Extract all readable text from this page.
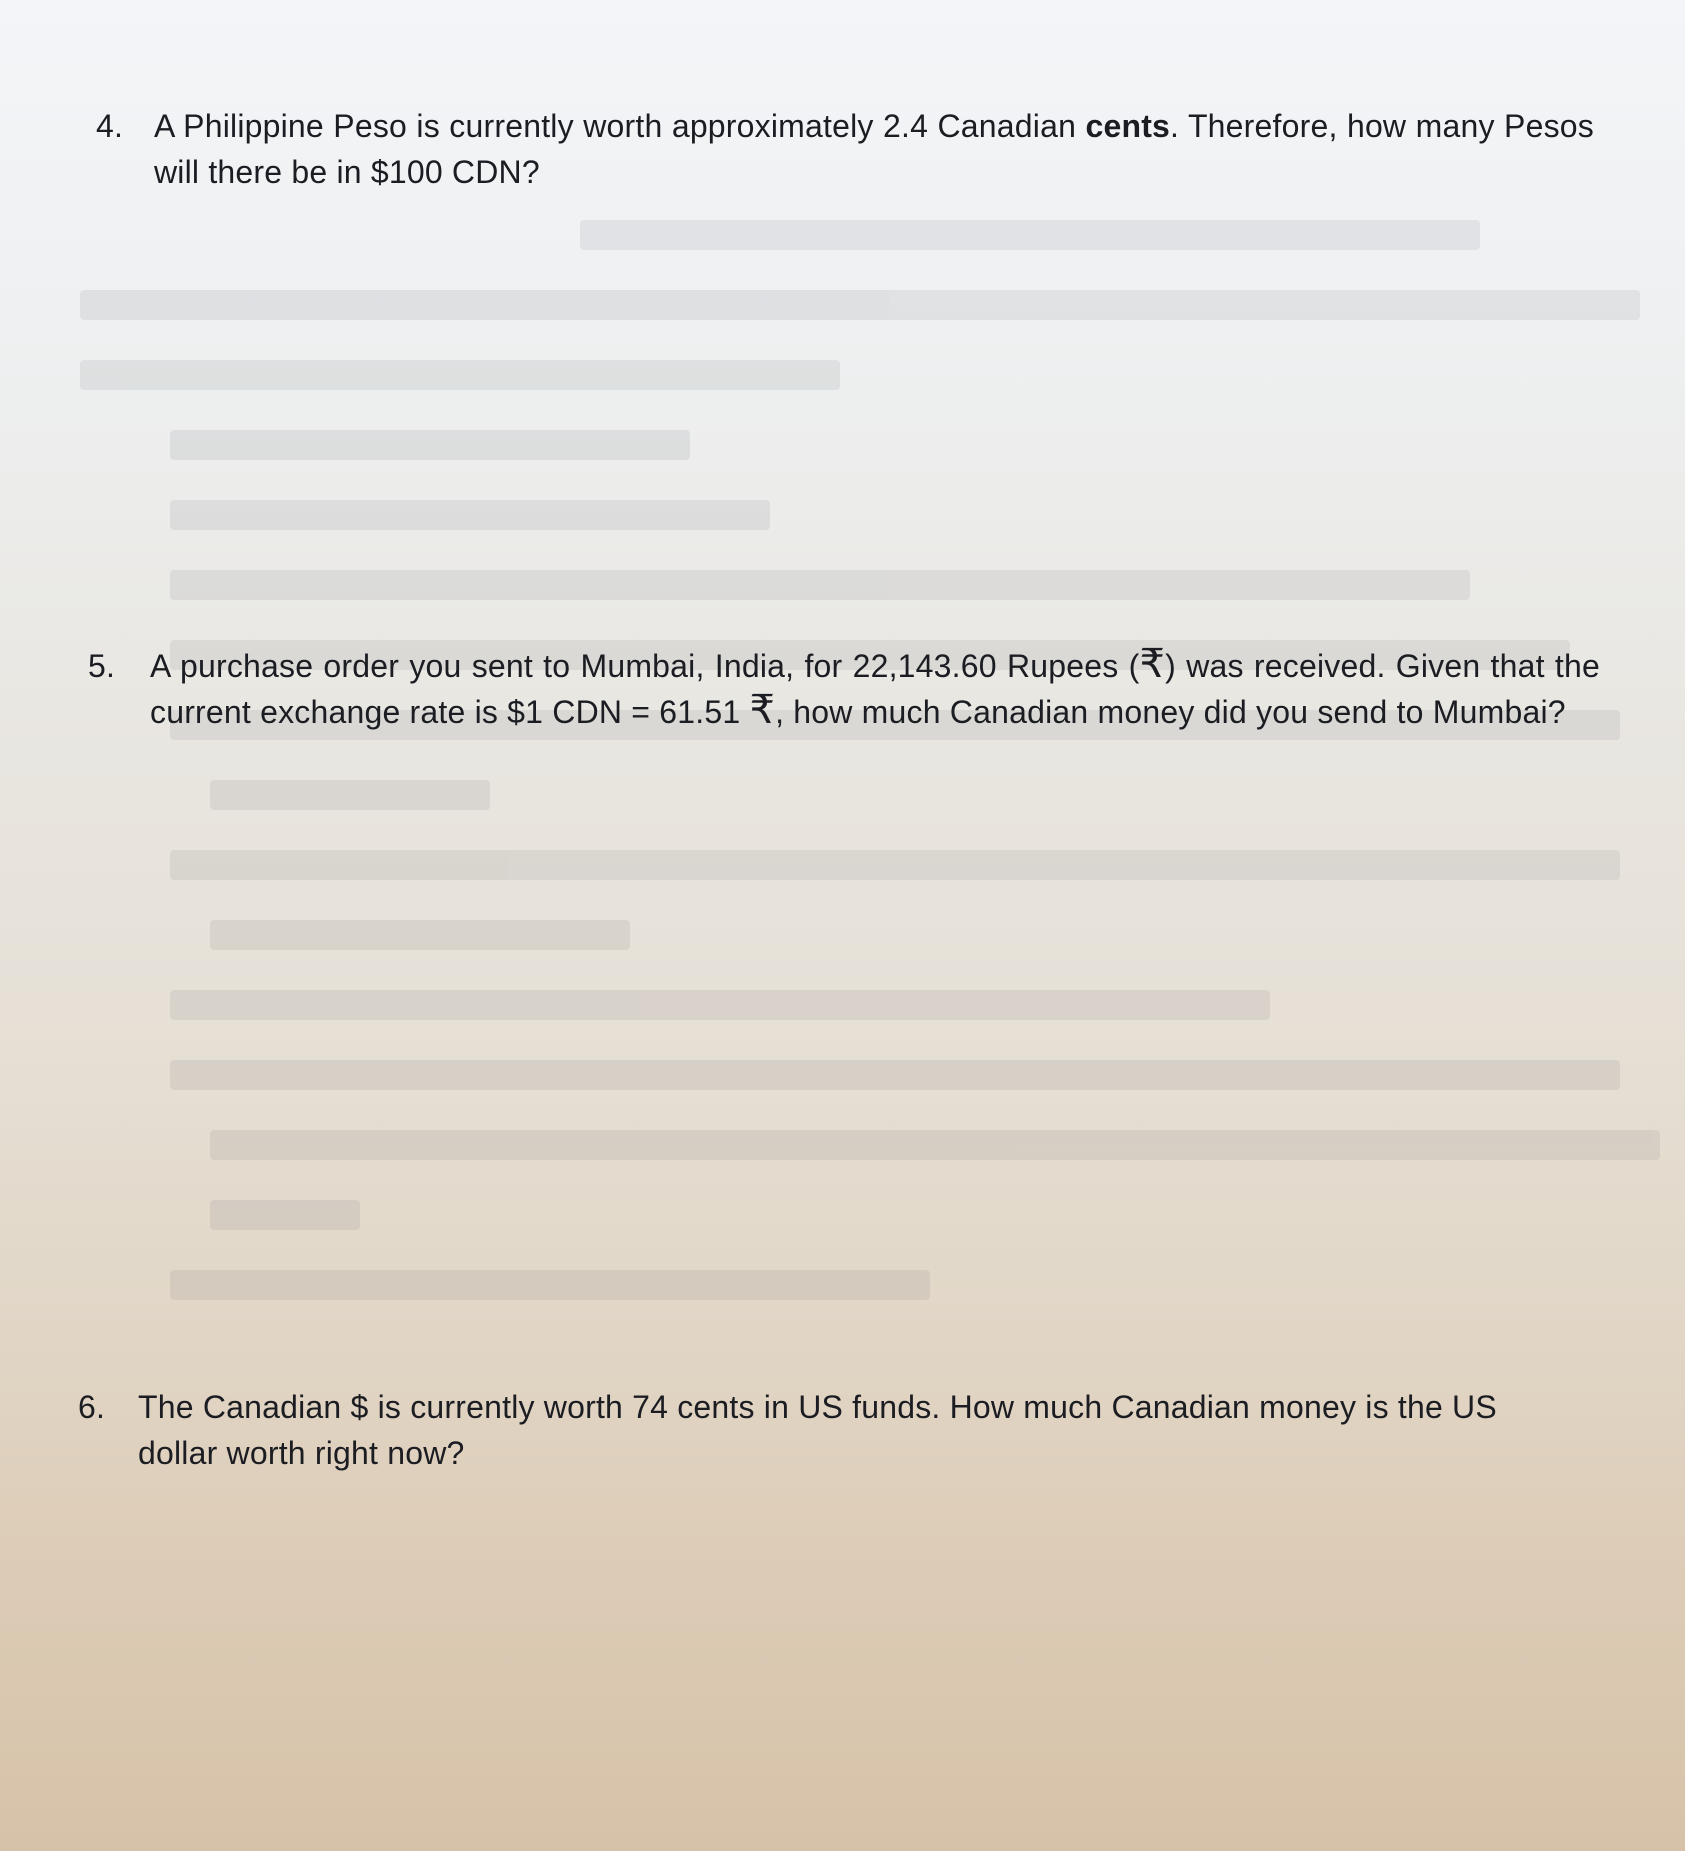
4. A Philippine Peso is currently worth approximately 2.4 Canadian cents. Therefore, how many Pesos will there be in $100 CDN?
5. A purchase order you sent to Mumbai, India, for 22,143.60 Rupees (₹) was received. Given that the current exchange rate is $1 CDN = 61.51 ₹, how much Canadian money did you send to Mumbai?
6. The Canadian $ is currently worth 74 cents in US funds. How much Canadian money is the US dollar worth right now?
